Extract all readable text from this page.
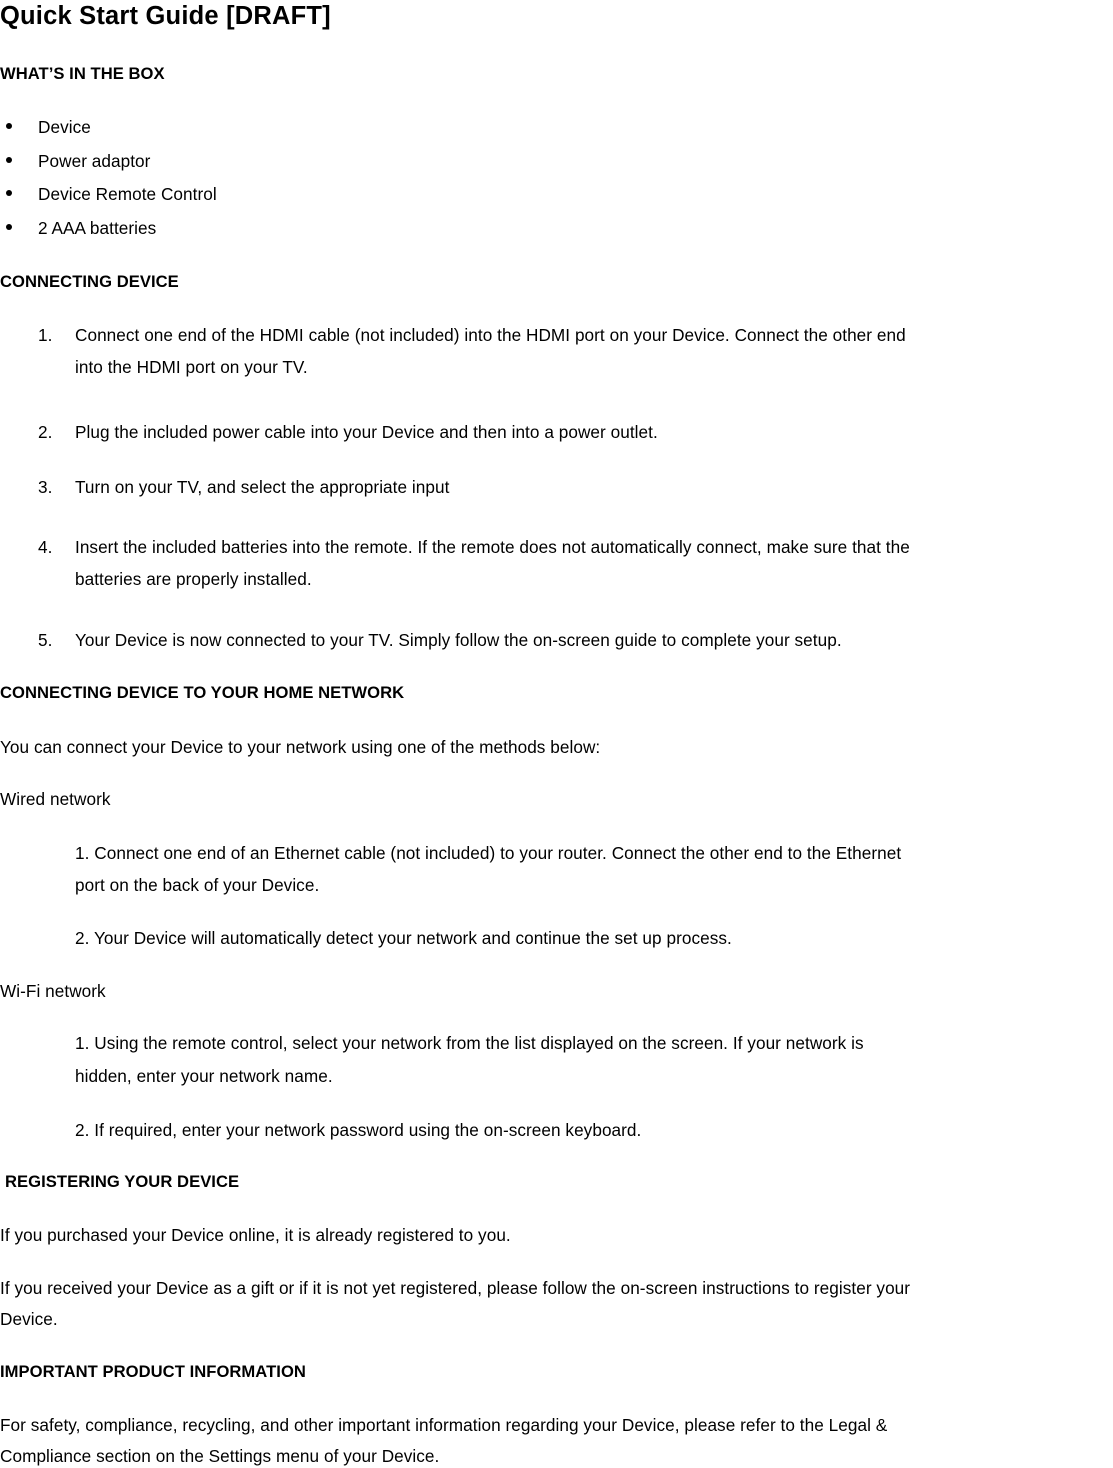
Quick Start Guide [DRAFT]
WHAT’S IN THE BOX
Device
Power adaptor
Device Remote Control
2 AAA batteries
CONNECTING DEVICE
1. Connect one end of the HDMI cable (not included) into the HDMI port on your Device. Connect the other end
into the HDMI port on your TV.
2. Plug the included power cable into your Device and then into a power outlet.
3. Turn on your TV, and select the appropriate input
4. Insert the included batteries into the remote. If the remote does not automatically connect, make sure that the
batteries are properly installed.
5. Your Device is now connected to your TV. Simply follow the on-screen guide to complete your setup.
CONNECTING DEVICE TO YOUR HOME NETWORK
You can connect your Device to your network using one of the methods below:
Wired network
1. Connect one end of an Ethernet cable (not included) to your router. Connect the other end to the Ethernet
port on the back of your Device.
2. Your Device will automatically detect your network and continue the set up process.
Wi-Fi network
1. Using the remote control, select your network from the list displayed on the screen. If your network is
hidden, enter your network name.
2. If required, enter your network password using the on-screen keyboard.
REGISTERING YOUR DEVICE
If you purchased your Device online, it is already registered to you.
If you received your Device as a gift or if it is not yet registered, please follow the on-screen instructions to register your
Device.
IMPORTANT PRODUCT INFORMATION
For safety, compliance, recycling, and other important information regarding your Device, please refer to the Legal &
Compliance section on the Settings menu of your Device.
